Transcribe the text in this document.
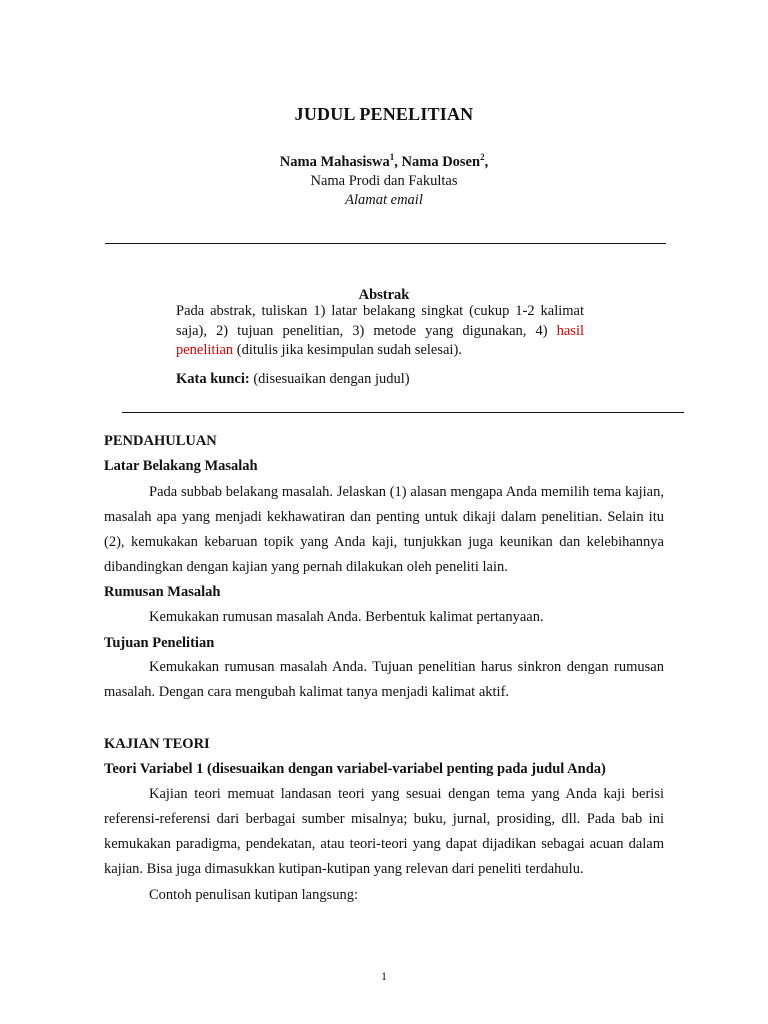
JUDUL PENELITIAN
Nama Mahasiswa$^1$, Nama Dosen$^2$,
Nama Prodi dan Fakultas
Alamat email
Abstrak
Pada abstrak, tuliskan 1) latar belakang singkat (cukup 1-2 kalimat saja), 2) tujuan penelitian, 3) metode yang digunakan, 4) hasil penelitian (ditulis jika kesimpulan sudah selesai).
Kata kunci: (disesuaikan dengan judul)
PENDAHULUAN
Latar Belakang Masalah
Pada subbab belakang masalah. Jelaskan (1) alasan mengapa Anda memilih tema kajian, masalah apa yang menjadi kekhawatiran dan penting untuk dikaji dalam penelitian. Selain itu (2), kemukakan kebaruan topik yang Anda kaji, tunjukkan juga keunikan dan kelebihannya dibandingkan dengan kajian yang pernah dilakukan oleh peneliti lain.
Rumusan Masalah
Kemukakan rumusan masalah Anda. Berbentuk kalimat pertanyaan.
Tujuan Penelitian
Kemukakan rumusan masalah Anda. Tujuan penelitian harus sinkron dengan rumusan masalah. Dengan cara mengubah kalimat tanya menjadi kalimat aktif.
KAJIAN TEORI
Teori Variabel 1 (disesuaikan dengan variabel-variabel penting pada judul Anda)
Kajian teori memuat landasan teori yang sesuai dengan tema yang Anda kaji berisi referensi-referensi dari berbagai sumber misalnya; buku, jurnal, prosiding, dll. Pada bab ini kemukakan paradigma, pendekatan, atau teori-teori yang dapat dijadikan sebagai acuan dalam kajian. Bisa juga dimasukkan kutipan-kutipan yang relevan dari peneliti terdahulu.
Contoh penulisan kutipan langsung:
1
